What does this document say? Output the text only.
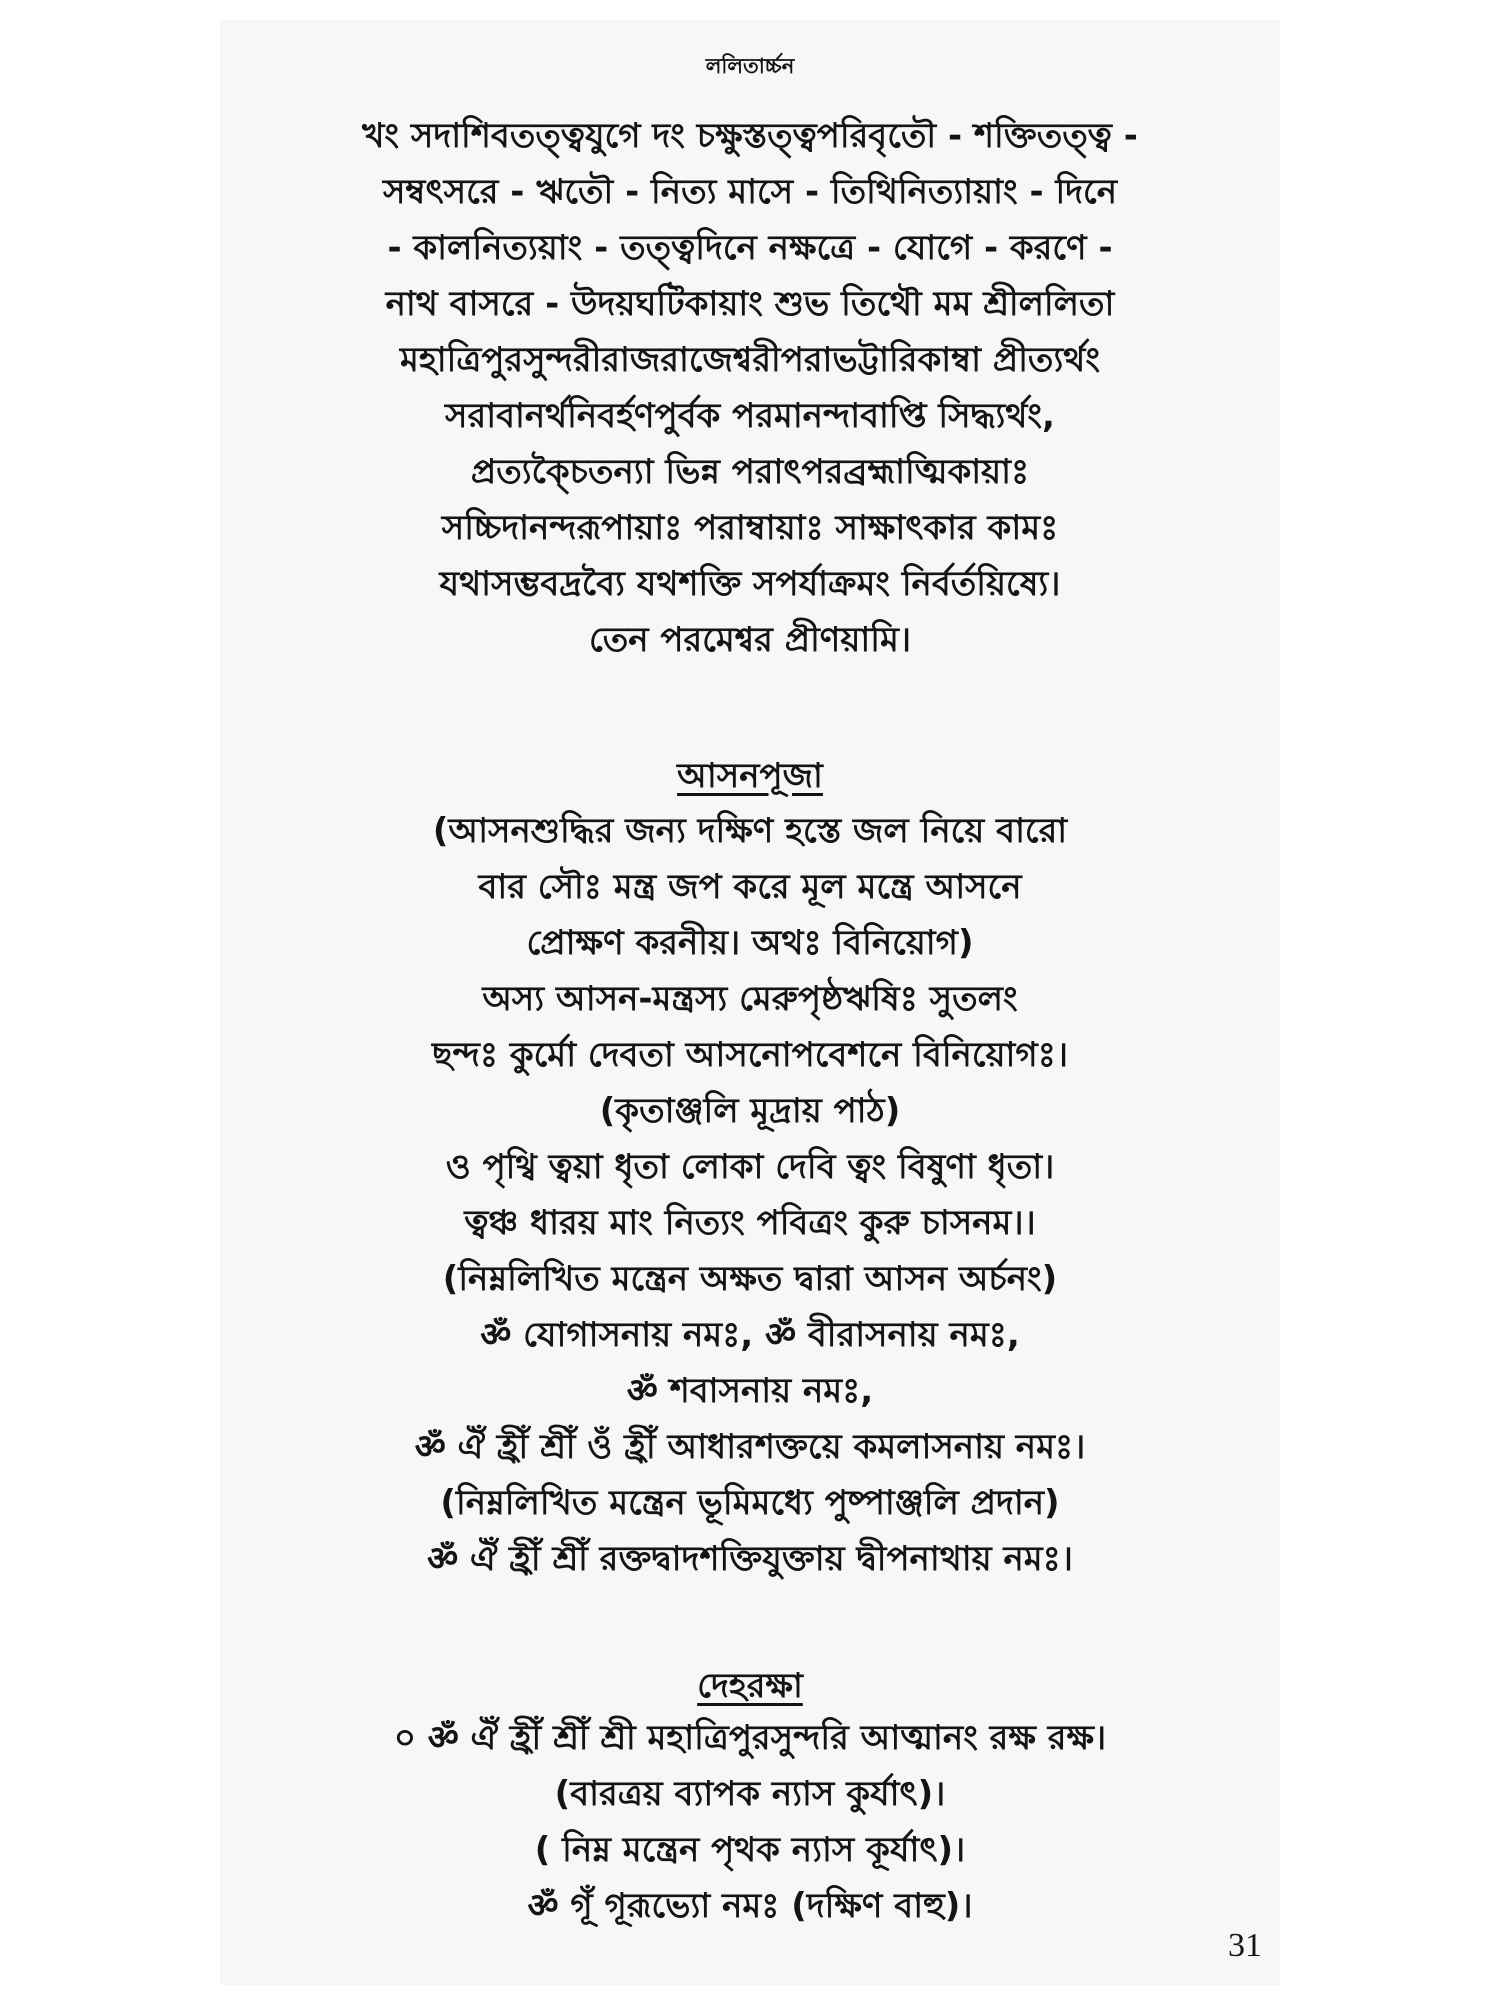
ললিতার্চ্চন
খং সদাশিবতত্ত্বযুগে দং চক্ষুস্তত্ত্বপরিবৃতৌ - শক্তিতত্ত্ব -
সম্বৎসরে - ঋতৌ - নিত্য মাসে - তিথিনিত্যায়াং - দিনে
- কালনিত্যয়াং - তত্ত্বদিনে নক্ষত্রে - যোগে - করণে -
নাথ বাসরে - উদয়ঘটিকায়াং শুভ তিথৌ মম শ্রীললিতা
মহাত্রিপুরসুন্দরীরাজরাজেশ্বরীপরাভট্টারিকাম্বা প্রীত্যর্থং
সরাবানর্থনিবর্হণপুর্বক পরমানন্দাবাপ্তি সিদ্ধ্যর্থং,
প্রত্যক্চৈতন্যা ভিন্ন পরাৎপরব্রহ্মাত্মিকায়াঃ
সচ্চিদানন্দরূপায়াঃ পরাম্বায়াঃ সাক্ষাৎকার কামঃ
যথাসম্ভবদ্রব্যৈ যথশক্তি সপর্যাক্রমং নির্বর্তয়িষ্যে।
তেন পরমেশ্বর প্রীণয়ামি।
আসনপূজা
(আসনশুদ্ধির জন্য দক্ষিণ হস্তে জল নিয়ে বারো
বার সৌঃ মন্ত্র জপ করে মূল মন্ত্রে আসনে
প্রোক্ষণ করনীয়। অথঃ বিনিয়োগ)
অস্য আসন-মন্ত্রস্য মেরুপৃষ্ঠঋষিঃ সুতলং
ছন্দঃ কুর্মো দেবতা আসনোপবেশনে বিনিয়োগঃ।
(কৃতাঞ্জলি মূদ্রায় পাঠ)
ও পৃথ্বি ত্বয়া ধৃতা লোকা দেবি ত্বং বিষুণা ধৃতা।
ত্বঞ্চ ধারয় মাং নিত্যং পবিত্রং কুরু চাসনম।।
(নিম্নলিখিত মন্ত্রেন অক্ষত দ্বারা আসন অর্চনং)
ॐ যোগাসনায় নমঃ, ॐ বীরাসনায় নমঃ,
ॐ শবাসনায় নমঃ,
ॐ ঐঁ হ্রীঁ শ্রীঁ ওঁ হ্রীঁ আধারশক্তয়ে কমলাসনায় নমঃ।
(নিম্নলিখিত মন্ত্রেন ভূমিমধ্যে পুষ্পাঞ্জলি প্রদান)
ॐ ঐঁ হ্রীঁ শ্রীঁ রক্তদ্বাদশক্তিযুক্তায় দ্বীপনাথায় নমঃ।
দেহরক্ষা
০ ॐ ঐঁ হ্রীঁ শ্রীঁ শ্রী মহাত্রিপুরসুন্দরি আত্মানং রক্ষ রক্ষ।
(বারত্রয় ব্যাপক ন্যাস কুর্যাৎ)।
( নিম্ন মন্ত্রেন পৃথক ন্যাস কূর্যাৎ)।
ॐ গূঁ গূরূভ্যো নমঃ (দক্ষিণ বাহু)।
31
